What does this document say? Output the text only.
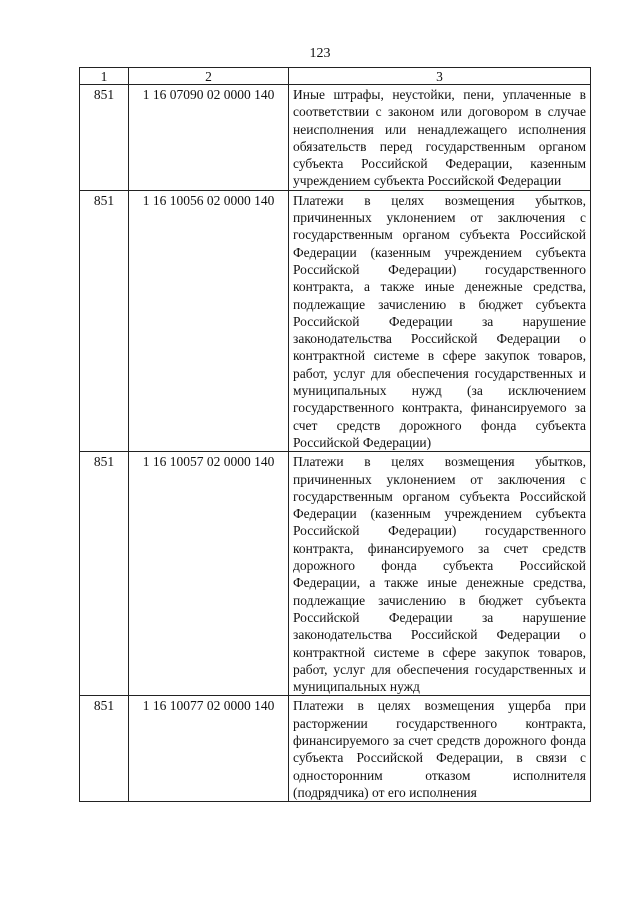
123
1	2	3
851	1 16 07090 02 0000 140	Иные штрафы, неустойки, пени, уплаченные в соответствии с законом или договором в случае неисполнения или ненадлежащего исполнения обязательств перед государственным органом субъекта Российской Федерации, казенным учреждением субъекта Российской Федерации

851	1 16 10056 02 0000 140	Платежи в целях возмещения убытков, причиненных уклонением от заключения с государственным органом субъекта Российской Федерации (казенным учреждением субъекта Российской Федерации) государственного контракта, а также иные денежные средства, подлежащие зачислению в бюджет субъекта Российской Федерации за нарушение законодательства Российской Федерации о контрактной системе в сфере закупок товаров, работ, услуг для обеспечения государственных и муниципальных нужд (за исключением государственного контракта, финансируемого за счет средств дорожного фонда субъекта Российской Федерации)

851	1 16 10057 02 0000 140	Платежи в целях возмещения убытков, причиненных уклонением от заключения с государственным органом субъекта Российской Федерации (казенным учреждением субъекта Российской Федерации) государственного контракта, финансируемого за счет средств дорожного фонда субъекта Российской Федерации, а также иные денежные средства, подлежащие зачислению в бюджет субъекта Российской Федерации за нарушение законодательства Российской Федерации о контрактной системе в сфере закупок товаров, работ, услуг для обеспечения государственных и муниципальных нужд

851	1 16 10077 02 0000 140	Платежи в целях возмещения ущерба при расторжении государственного контракта, финансируемого за счет средств дорожного фонда субъекта Российской Федерации, в связи с односторонним отказом исполнителя (подрядчика) от его исполнения
